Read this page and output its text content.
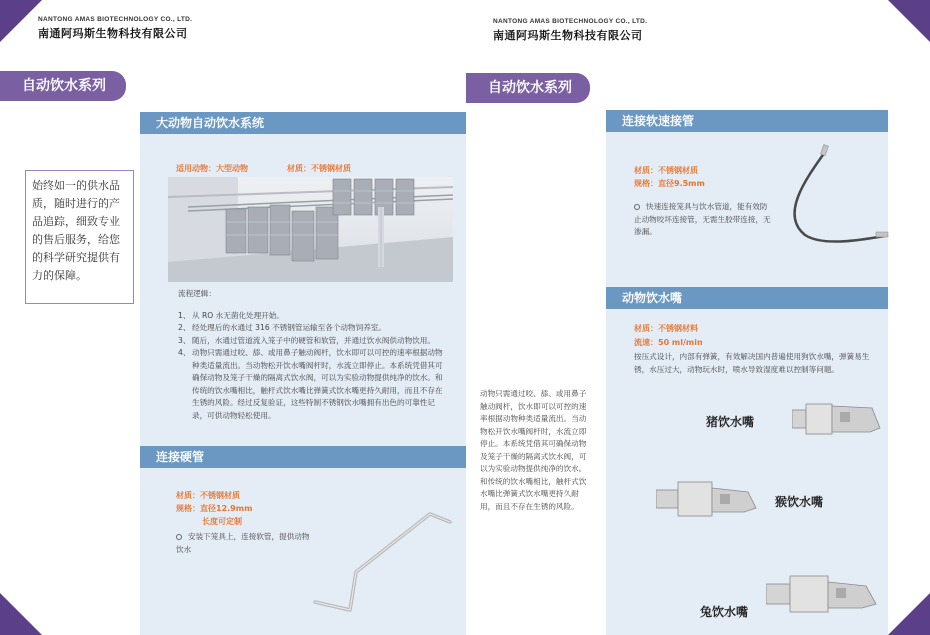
NANTONG AMAS BIOTECHNOLOGY CO., LTD.
南通阿玛斯生物科技有限公司
NANTONG AMAS BIOTECHNOLOGY CO., LTD.
南通阿玛斯生物科技有限公司
自动饮水系列	自动饮水系列
始终如一的供水品质，随时进行的产品追踪，细致专业的售后服务，给您的科学研究提供有力的保障。
大动物自动饮水系统
适用动物：大型动物	材质：不锈钢材质
流程逻辑：
1、 从 RO 水无菌化处理开始。
2、 经处理后的水通过 316 不锈钢管运输至各个动物饲养室。
3、 随后，水通过管道流入笼子中的硬管和软管，并通过饮水阀供动物饮用。
4、 动物只需通过咬、舔、或用鼻子触动阀杆，饮水即可以可控的速率根据动物种类适量流出。当动物松开饮水嘴阀杆时，水流立即停止。本系统凭借其可确保动物及笼子干燥的隔离式饮水阀，可以为实验动物提供纯净的饮水。和传统的饮水嘴相比，触杆式饮水嘴比弹簧式饮水嘴更持久耐用，而且不存在生锈的风险。经过反复验证，这些特制不锈钢饮水嘴拥有出色的可靠性记录，可供动物轻松使用。
连接硬管
材质：不锈钢材质
规格：直径12.9mm
长度可定制
安装下笼具上，连接软管，提供动物饮水
动物只需通过咬、舔、或用鼻子触动阀杆，饮水即可以可控的速率根据动物种类适量流出。当动物松开饮水嘴阀杆时，水流立即停止。本系统凭借其可确保动物及笼子干燥的隔离式饮水阀，可以为实验动物提供纯净的饮水。和传统的饮水嘴相比，触杆式饮水嘴比弹簧式饮水嘴更持久耐用，而且不存在生锈的风险。
连接软速接管
材质：不锈钢材质
规格：直径9.5mm
快速连接笼具与饮水管道，能有效防止动物咬坏连接管，无需生胶带连接，无渗漏。
动物饮水嘴
材质：不锈钢材料
流速：50 ml/min
按压式设计，内部有弹簧，有效解决国内普遍使用狗饮水嘴，弹簧易生锈，水压过大，动物玩水时，喷水导致湿度难以控制等问题。
猪饮水嘴
猴饮水嘴
兔饮水嘴
